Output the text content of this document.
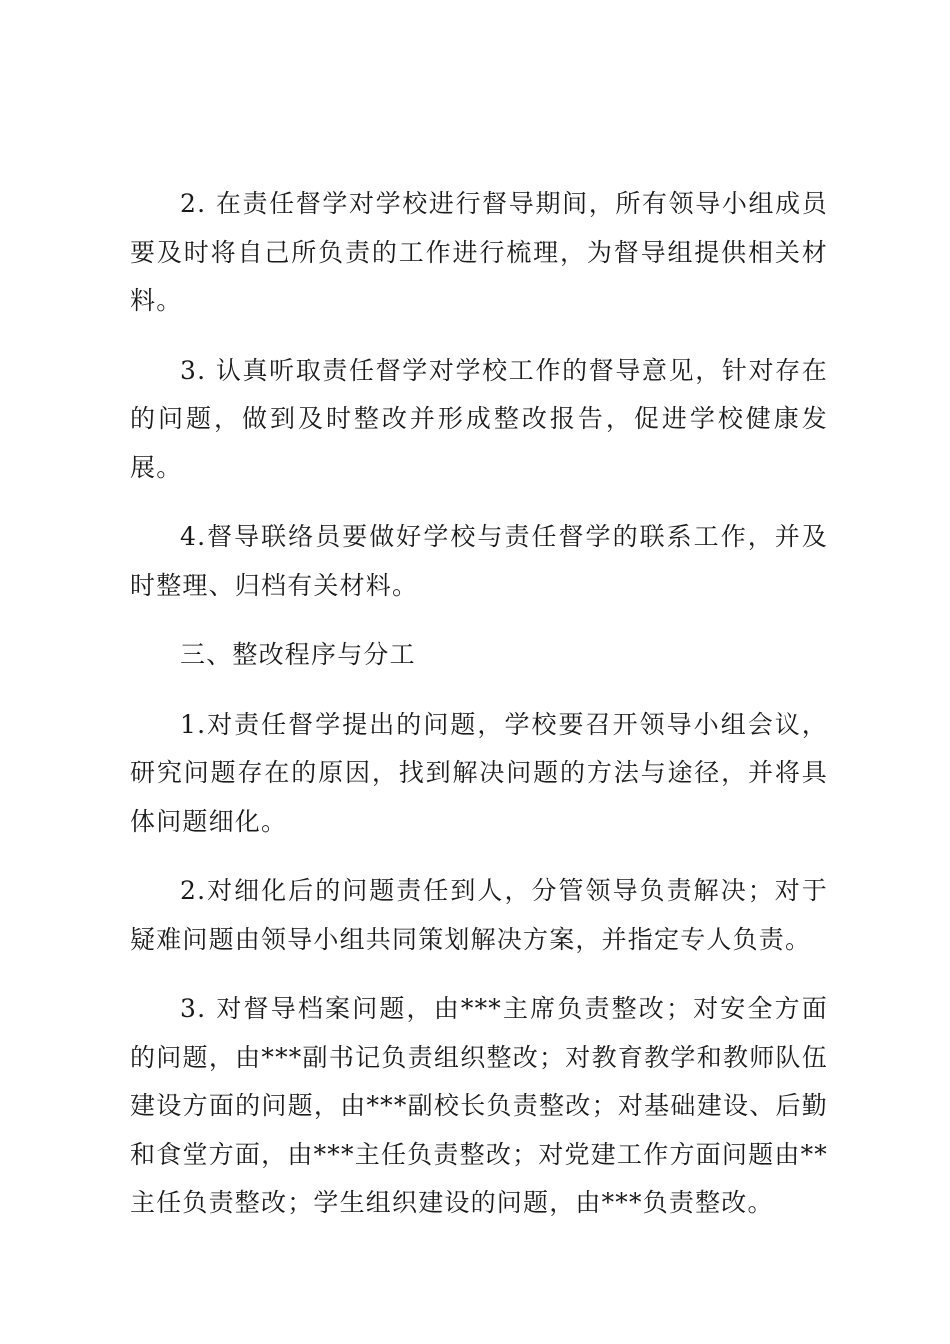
2. 在责任督学对学校进行督导期间，所有领导小组成员要及时将自己所负责的工作进行梳理，为督导组提供相关材料。

3. 认真听取责任督学对学校工作的督导意见，针对存在的问题，做到及时整改并形成整改报告，促进学校健康发展。

4.督导联络员要做好学校与责任督学的联系工作，并及时整理、归档有关材料。

三、整改程序与分工

1.对责任督学提出的问题，学校要召开领导小组会议，研究问题存在的原因，找到解决问题的方法与途径，并将具体问题细化。

2.对细化后的问题责任到人，分管领导负责解决；对于疑难问题由领导小组共同策划解决方案，并指定专人负责。

3. 对督导档案问题，由***主席负责整改；对安全方面的问题，由***副书记负责组织整改；对教育教学和教师队伍建设方面的问题，由***副校长负责整改；对基础建设、后勤和食堂方面，由***主任负责整改；对党建工作方面问题由**主任负责整改；学生组织建设的问题，由***负责整改。
